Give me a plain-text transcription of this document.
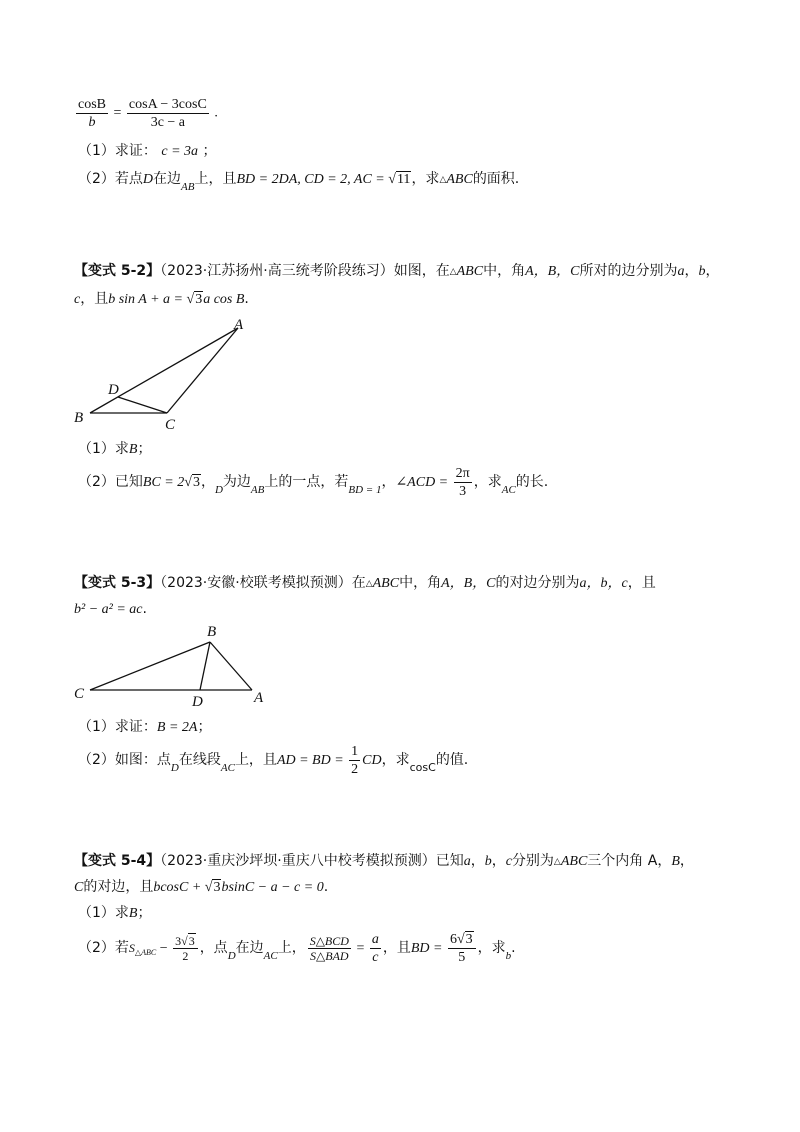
$\frac{\cos B}{b} = \frac{\cos A - 3\cos C}{3c - a}$ .
（1）求证： c = 3a ；
（2）若点D在边$_{AB}$上，且BD = 2DA, CD = 2, AC = √11，求△ABC的面积.
【变式 5-2】（2023·江苏扬州·高三统考阶段练习）如图，在△ABC中，角A，B，C所对的边分别为a，b，
c，且b sin A + a = √3a cos B.
A
B	C
D
（1）求B；
（2）已知BC = 2√3，$_D$为边$_{AB}$上的一点，若$_{BD = 1}$，∠ACD = $\frac{2\pi}{3}$ ，求$_{AC}$的长.
【变式 5-3】（2023·安徽·校联考模拟预测）在△ABC中，角A，B，C的对边分别为a，b，c，且
b² − a² = ac.
B
C	A
D
（1）求证：B = 2A；
（2）如图：点$_D$在线段$_{AC}$上，且AD = BD = $\frac{1}{2}$ CD，求$_{cosC}$的值.
【变式 5-4】（2023·重庆沙坪坝·重庆八中校考模拟预测）已知a，b，c分别为△ABC三个内角 A，B，
C的对边，且bcosC + √3bsinC − a − c = 0.
（1）求B；
（2）若$S_{\triangle ABC} - \frac{3√3}{2}$ ，点$_D$在边$_{AC}$上， $\frac{\text{S△BCD}}{\text{S△BAD}} = \frac{a}{c}$ ，且BD = $\frac{6√3}{5}$ ，求$_b$.
